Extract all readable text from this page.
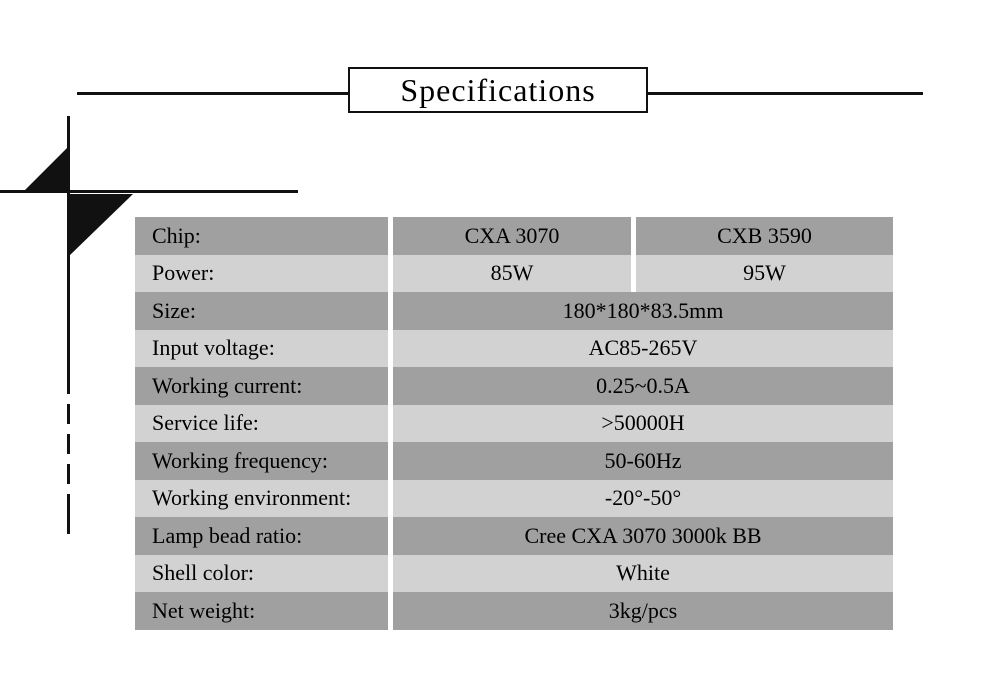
Specifications
Chip:	CXA 3070	CXB 3590
Power:	85W	95W
Size:	180*180*83.5mm
Input voltage:	AC85-265V
Working current:	0.25~0.5A
Service life:	>50000H
Working frequency:	50-60Hz
Working environment:	-20°-50°
Lamp bead ratio:	Cree CXA 3070 3000k BB
Shell color:	White
Net weight:	3kg/pcs
